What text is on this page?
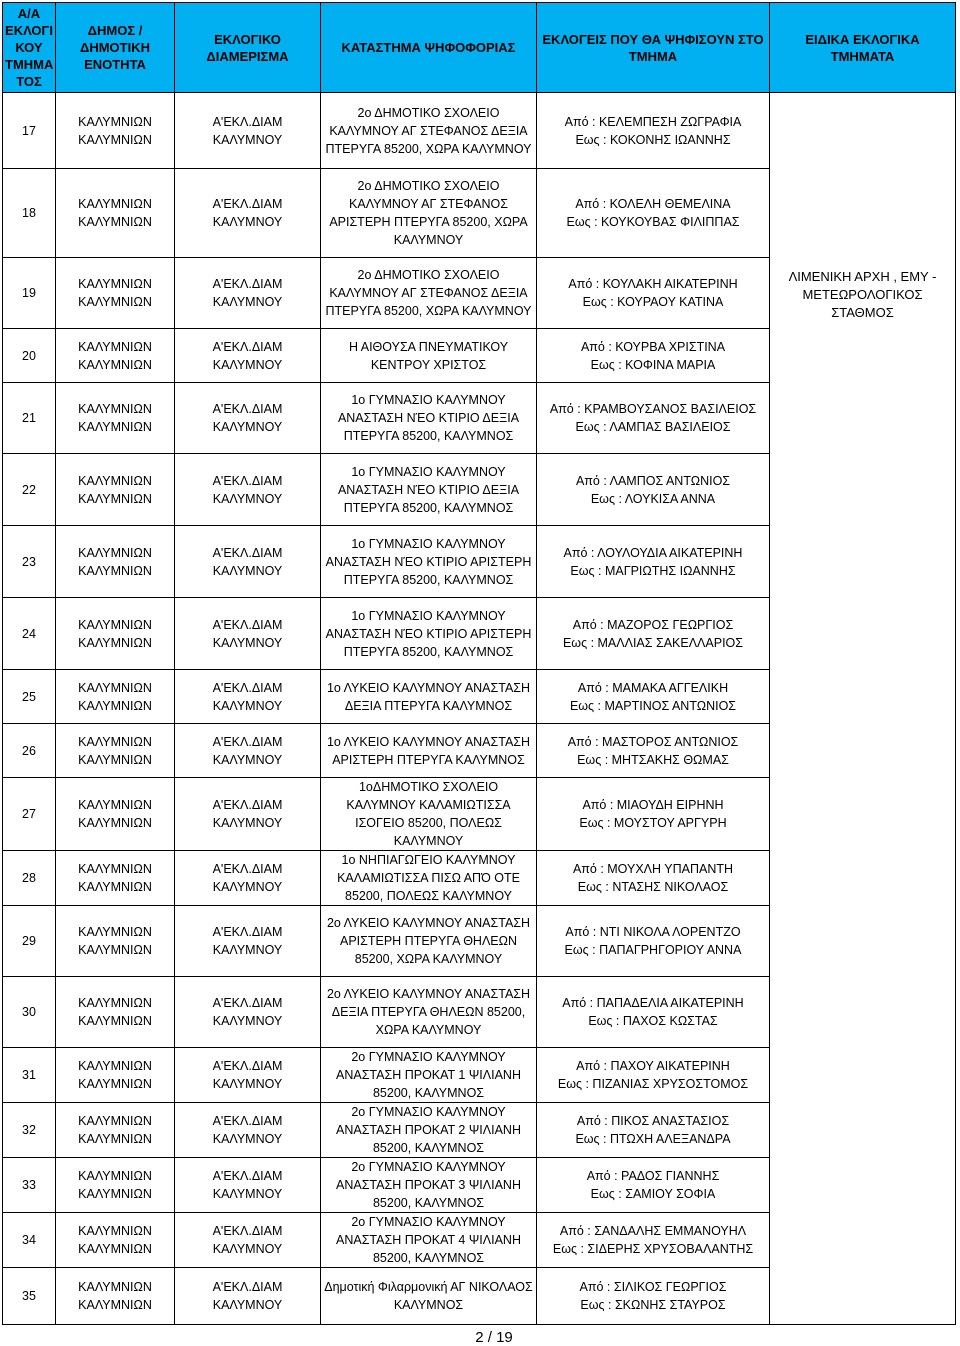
Α/Α ΕΚΛΟΓΙ ΚΟΥ ΤΜΗΜΑ ΤΟΣ	ΔΗΜΟΣ / ΔΗΜΟΤΙΚΗ ΕΝΟΤΗΤΑ	ΕΚΛΟΓΙΚΟ ΔΙΑΜΕΡΙΣΜΑ	ΚΑΤΑΣΤΗΜΑ ΨΗΦΟΦΟΡΙΑΣ	ΕΚΛΟΓΕΙΣ ΠΟΥ ΘΑ ΨΗΦΙΣΟΥΝ ΣΤΟ ΤΜΗΜΑ	ΕΙΔΙΚΑ ΕΚΛΟΓΙΚΑ ΤΜΗΜΑΤΑ
17	ΚΑΛΥΜΝΙΩΝ ΚΑΛΥΜΝΙΩΝ	Α'ΕΚΛ.ΔΙΑΜ ΚΑΛΥΜΝΟΥ	2ο ΔΗΜΟΤΙΚΟ ΣΧΟΛΕΙΟ ΚΑΛΥΜΝΟΥ ΑΓ ΣΤΕΦΑΝΟΣ ΔΕΞΙΑ ΠΤΕΡΥΓΑ 85200, ΧΩΡΑ ΚΑΛΥΜΝΟΥ	Από : ΚΕΛΕΜΠΕΣΗ ΖΩΓΡΑΦΙΑ
Εως : ΚΟΚΟΝΗΣ ΙΩΑΝΝΗΣ	ΛΙΜΕΝΙΚΗ ΑΡΧΗ , ΕΜΥ - ΜΕΤΕΩΡΟΛΟΓΙΚΟΣ ΣΤΑΘΜΟΣ
18	ΚΑΛΥΜΝΙΩΝ ΚΑΛΥΜΝΙΩΝ	Α'ΕΚΛ.ΔΙΑΜ ΚΑΛΥΜΝΟΥ	2ο ΔΗΜΟΤΙΚΟ ΣΧΟΛΕΙΟ ΚΑΛΥΜΝΟΥ ΑΓ ΣΤΕΦΑΝΟΣ ΑΡΙΣΤΕΡΗ ΠΤΕΡΥΓΑ 85200, ΧΩΡΑ ΚΑΛΥΜΝΟΥ	Από : ΚΟΛΕΛΗ ΘΕΜΕΛΙΝΑ
Εως : ΚΟΥΚΟΥΒΑΣ ΦΙΛΙΠΠΑΣ	

19	ΚΑΛΥΜΝΙΩΝ ΚΑΛΥΜΝΙΩΝ	Α'ΕΚΛ.ΔΙΑΜ ΚΑΛΥΜΝΟΥ	2ο ΔΗΜΟΤΙΚΟ ΣΧΟΛΕΙΟ ΚΑΛΥΜΝΟΥ ΑΓ ΣΤΕΦΑΝΟΣ ΔΕΞΙΑ ΠΤΕΡΥΓΑ 85200, ΧΩΡΑ ΚΑΛΥΜΝΟΥ	Από : ΚΟΥΛΑΚΗ ΑΙΚΑΤΕΡΙΝΗ
Εως : ΚΟΥΡΑΟΥ ΚΑΤΙΝΑ	

20	ΚΑΛΥΜΝΙΩΝ ΚΑΛΥΜΝΙΩΝ	Α'ΕΚΛ.ΔΙΑΜ ΚΑΛΥΜΝΟΥ	Η ΑΙΘΟΥΣΑ ΠΝΕΥΜΑΤΙΚΟΥ ΚΕΝΤΡΟΥ ΧΡΙΣΤΟΣ	Από : ΚΟΥΡΒΑ ΧΡΙΣΤΙΝΑ
Εως : ΚΟΦΙΝΑ ΜΑΡΙΑ	

21	ΚΑΛΥΜΝΙΩΝ ΚΑΛΥΜΝΙΩΝ	Α'ΕΚΛ.ΔΙΑΜ ΚΑΛΥΜΝΟΥ	1ο ΓΥΜΝΑΣΙΟ ΚΑΛΥΜΝΟΥ ΑΝΑΣΤΑΣΗ ΝΈΟ ΚΤΙΡΙΟ ΔΕΞΙΑ ΠΤΕΡΥΓΑ 85200, ΚΑΛΥΜΝΟΣ	Από : ΚΡΑΜΒΟΥΣΑΝΟΣ ΒΑΣΙΛΕΙΟΣ
Εως : ΛΑΜΠΑΣ ΒΑΣΙΛΕΙΟΣ	

22	ΚΑΛΥΜΝΙΩΝ ΚΑΛΥΜΝΙΩΝ	Α'ΕΚΛ.ΔΙΑΜ ΚΑΛΥΜΝΟΥ	1ο ΓΥΜΝΑΣΙΟ ΚΑΛΥΜΝΟΥ ΑΝΑΣΤΑΣΗ ΝΈΟ ΚΤΙΡΙΟ ΔΕΞΙΑ ΠΤΕΡΥΓΑ 85200, ΚΑΛΥΜΝΟΣ	Από : ΛΑΜΠΟΣ ΑΝΤΩΝΙΟΣ
Εως : ΛΟΥΚΙΣΑ ΑΝΝΑ	

23	ΚΑΛΥΜΝΙΩΝ ΚΑΛΥΜΝΙΩΝ	Α'ΕΚΛ.ΔΙΑΜ ΚΑΛΥΜΝΟΥ	1ο ΓΥΜΝΑΣΙΟ ΚΑΛΥΜΝΟΥ ΑΝΑΣΤΑΣΗ ΝΈΟ ΚΤΙΡΙΟ ΑΡΙΣΤΕΡΗ ΠΤΕΡΥΓΑ 85200, ΚΑΛΥΜΝΟΣ	Από : ΛΟΥΛΟΥΔΙΑ ΑΙΚΑΤΕΡΙΝΗ
Εως : ΜΑΓΡΙΩΤΗΣ ΙΩΑΝΝΗΣ	

24	ΚΑΛΥΜΝΙΩΝ ΚΑΛΥΜΝΙΩΝ	Α'ΕΚΛ.ΔΙΑΜ ΚΑΛΥΜΝΟΥ	1ο ΓΥΜΝΑΣΙΟ ΚΑΛΥΜΝΟΥ ΑΝΑΣΤΑΣΗ ΝΈΟ ΚΤΙΡΙΟ ΑΡΙΣΤΕΡΗ ΠΤΕΡΥΓΑ 85200, ΚΑΛΥΜΝΟΣ	Από : ΜΑΖΟΡΟΣ ΓΕΩΡΓΙΟΣ
Εως : ΜΑΛΛΙΑΣ ΣΑΚΕΛΛΑΡΙΟΣ	

25	ΚΑΛΥΜΝΙΩΝ ΚΑΛΥΜΝΙΩΝ	Α'ΕΚΛ.ΔΙΑΜ ΚΑΛΥΜΝΟΥ	1ο ΛΥΚΕΙΟ ΚΑΛΥΜΝΟΥ ΑΝΑΣΤΑΣΗ ΔΕΞΙΑ ΠΤΕΡΥΓΑ ΚΑΛΥΜΝΟΣ	Από : ΜΑΜΑΚΑ ΑΓΓΕΛΙΚΗ
Εως : ΜΑΡΤΙΝΟΣ ΑΝΤΩΝΙΟΣ	

26	ΚΑΛΥΜΝΙΩΝ ΚΑΛΥΜΝΙΩΝ	Α'ΕΚΛ.ΔΙΑΜ ΚΑΛΥΜΝΟΥ	1ο ΛΥΚΕΙΟ ΚΑΛΥΜΝΟΥ ΑΝΑΣΤΑΣΗ ΑΡΙΣΤΕΡΗ ΠΤΕΡΥΓΑ ΚΑΛΥΜΝΟΣ	Από : ΜΑΣΤΟΡΟΣ ΑΝΤΩΝΙΟΣ
Εως : ΜΗΤΣΑΚΗΣ ΘΩΜΑΣ	

27	ΚΑΛΥΜΝΙΩΝ ΚΑΛΥΜΝΙΩΝ	Α'ΕΚΛ.ΔΙΑΜ ΚΑΛΥΜΝΟΥ	1οΔΗΜΟΤΙΚΟ ΣΧΟΛΕΙΟ ΚΑΛΥΜΝΟΥ ΚΑΛΑΜΙΩΤΙΣΣΑ ΙΣΟΓΕΙΟ 85200, ΠΟΛΕΩΣ ΚΑΛΥΜΝΟΥ	Από : ΜΙΑΟΥΔΗ ΕΙΡΗΝΗ
Εως : ΜΟΥΣΤΟΥ ΑΡΓΥΡΗ	

28	ΚΑΛΥΜΝΙΩΝ ΚΑΛΥΜΝΙΩΝ	Α'ΕΚΛ.ΔΙΑΜ ΚΑΛΥΜΝΟΥ	1ο ΝΗΠΙΑΓΩΓΕΙΟ ΚΑΛΥΜΝΟΥ ΚΑΛΑΜΙΩΤΙΣΣΑ ΠΙΣΩ ΑΠΌ ΟΤΕ 85200, ΠΟΛΕΩΣ ΚΑΛΥΜΝΟΥ	Από : ΜΟΥΧΛΗ ΥΠΑΠΑΝΤΗ
Εως : ΝΤΑΣΗΣ ΝΙΚΟΛΑΟΣ	

29	ΚΑΛΥΜΝΙΩΝ ΚΑΛΥΜΝΙΩΝ	Α'ΕΚΛ.ΔΙΑΜ ΚΑΛΥΜΝΟΥ	2ο ΛΥΚΕΙΟ ΚΑΛΥΜΝΟΥ ΑΝΑΣΤΑΣΗ ΑΡΙΣΤΕΡΗ ΠΤΕΡΥΓΑ ΘΗΛΕΩΝ 85200, ΧΩΡΑ ΚΑΛΥΜΝΟΥ	Από : ΝΤΙ ΝΙΚΟΛΑ ΛΟΡΕΝΤΖΟ
Εως : ΠΑΠΑΓΡΗΓΟΡΙΟΥ ΑΝΝΑ	

30	ΚΑΛΥΜΝΙΩΝ ΚΑΛΥΜΝΙΩΝ	Α'ΕΚΛ.ΔΙΑΜ ΚΑΛΥΜΝΟΥ	2ο ΛΥΚΕΙΟ ΚΑΛΥΜΝΟΥ ΑΝΑΣΤΑΣΗ ΔΕΞΙΑ ΠΤΕΡΥΓΑ ΘΗΛΕΩΝ 85200, ΧΩΡΑ ΚΑΛΥΜΝΟΥ	Από : ΠΑΠΑΔΕΛΙΑ ΑΙΚΑΤΕΡΙΝΗ
Εως : ΠΑΧΟΣ ΚΩΣΤΑΣ	

31	ΚΑΛΥΜΝΙΩΝ ΚΑΛΥΜΝΙΩΝ	Α'ΕΚΛ.ΔΙΑΜ ΚΑΛΥΜΝΟΥ	2ο ΓΥΜΝΑΣΙΟ ΚΑΛΥΜΝΟΥ ΑΝΑΣΤΑΣΗ ΠΡΟΚΑΤ 1 ΨΙΛΙΑΝΗ 85200, ΚΑΛΥΜΝΟΣ	Από : ΠΑΧΟΥ ΑΙΚΑΤΕΡΙΝΗ
Εως : ΠΙΖΑΝΙΑΣ ΧΡΥΣΟΣΤΟΜΟΣ	

32	ΚΑΛΥΜΝΙΩΝ ΚΑΛΥΜΝΙΩΝ	Α'ΕΚΛ.ΔΙΑΜ ΚΑΛΥΜΝΟΥ	2ο ΓΥΜΝΑΣΙΟ ΚΑΛΥΜΝΟΥ ΑΝΑΣΤΑΣΗ ΠΡΟΚΑΤ 2 ΨΙΛΙΑΝΗ 85200, ΚΑΛΥΜΝΟΣ	Από : ΠΙΚΟΣ ΑΝΑΣΤΑΣΙΟΣ
Εως : ΠΤΩΧΗ ΑΛΕΞΑΝΔΡΑ	

33	ΚΑΛΥΜΝΙΩΝ ΚΑΛΥΜΝΙΩΝ	Α'ΕΚΛ.ΔΙΑΜ ΚΑΛΥΜΝΟΥ	2ο ΓΥΜΝΑΣΙΟ ΚΑΛΥΜΝΟΥ ΑΝΑΣΤΑΣΗ ΠΡΟΚΑΤ 3 ΨΙΛΙΑΝΗ 85200, ΚΑΛΥΜΝΟΣ	Από : ΡΑΔΟΣ ΓΙΑΝΝΗΣ
Εως : ΣΑΜΙΟΥ ΣΟΦΙΑ	

34	ΚΑΛΥΜΝΙΩΝ ΚΑΛΥΜΝΙΩΝ	Α'ΕΚΛ.ΔΙΑΜ ΚΑΛΥΜΝΟΥ	2ο ΓΥΜΝΑΣΙΟ ΚΑΛΥΜΝΟΥ ΑΝΑΣΤΑΣΗ ΠΡΟΚΑΤ 4 ΨΙΛΙΑΝΗ 85200, ΚΑΛΥΜΝΟΣ	Από : ΣΑΝΔΑΛΗΣ ΕΜΜΑΝΟΥΗΛ
Εως : ΣΙΔΕΡΗΣ ΧΡΥΣΟΒΑΛΑΝΤΗΣ	

35	ΚΑΛΥΜΝΙΩΝ ΚΑΛΥΜΝΙΩΝ	Α'ΕΚΛ.ΔΙΑΜ ΚΑΛΥΜΝΟΥ	Δημοτική Φιλαρμονική ΑΓ ΝΙΚΟΛΑΟΣ ΚΑΛΥΜΝΟΣ	Από : ΣΙΛΙΚΟΣ ΓΕΩΡΓΙΟΣ
Εως : ΣΚΩΝΗΣ ΣΤΑΥΡΟΣ	
2 / 19
